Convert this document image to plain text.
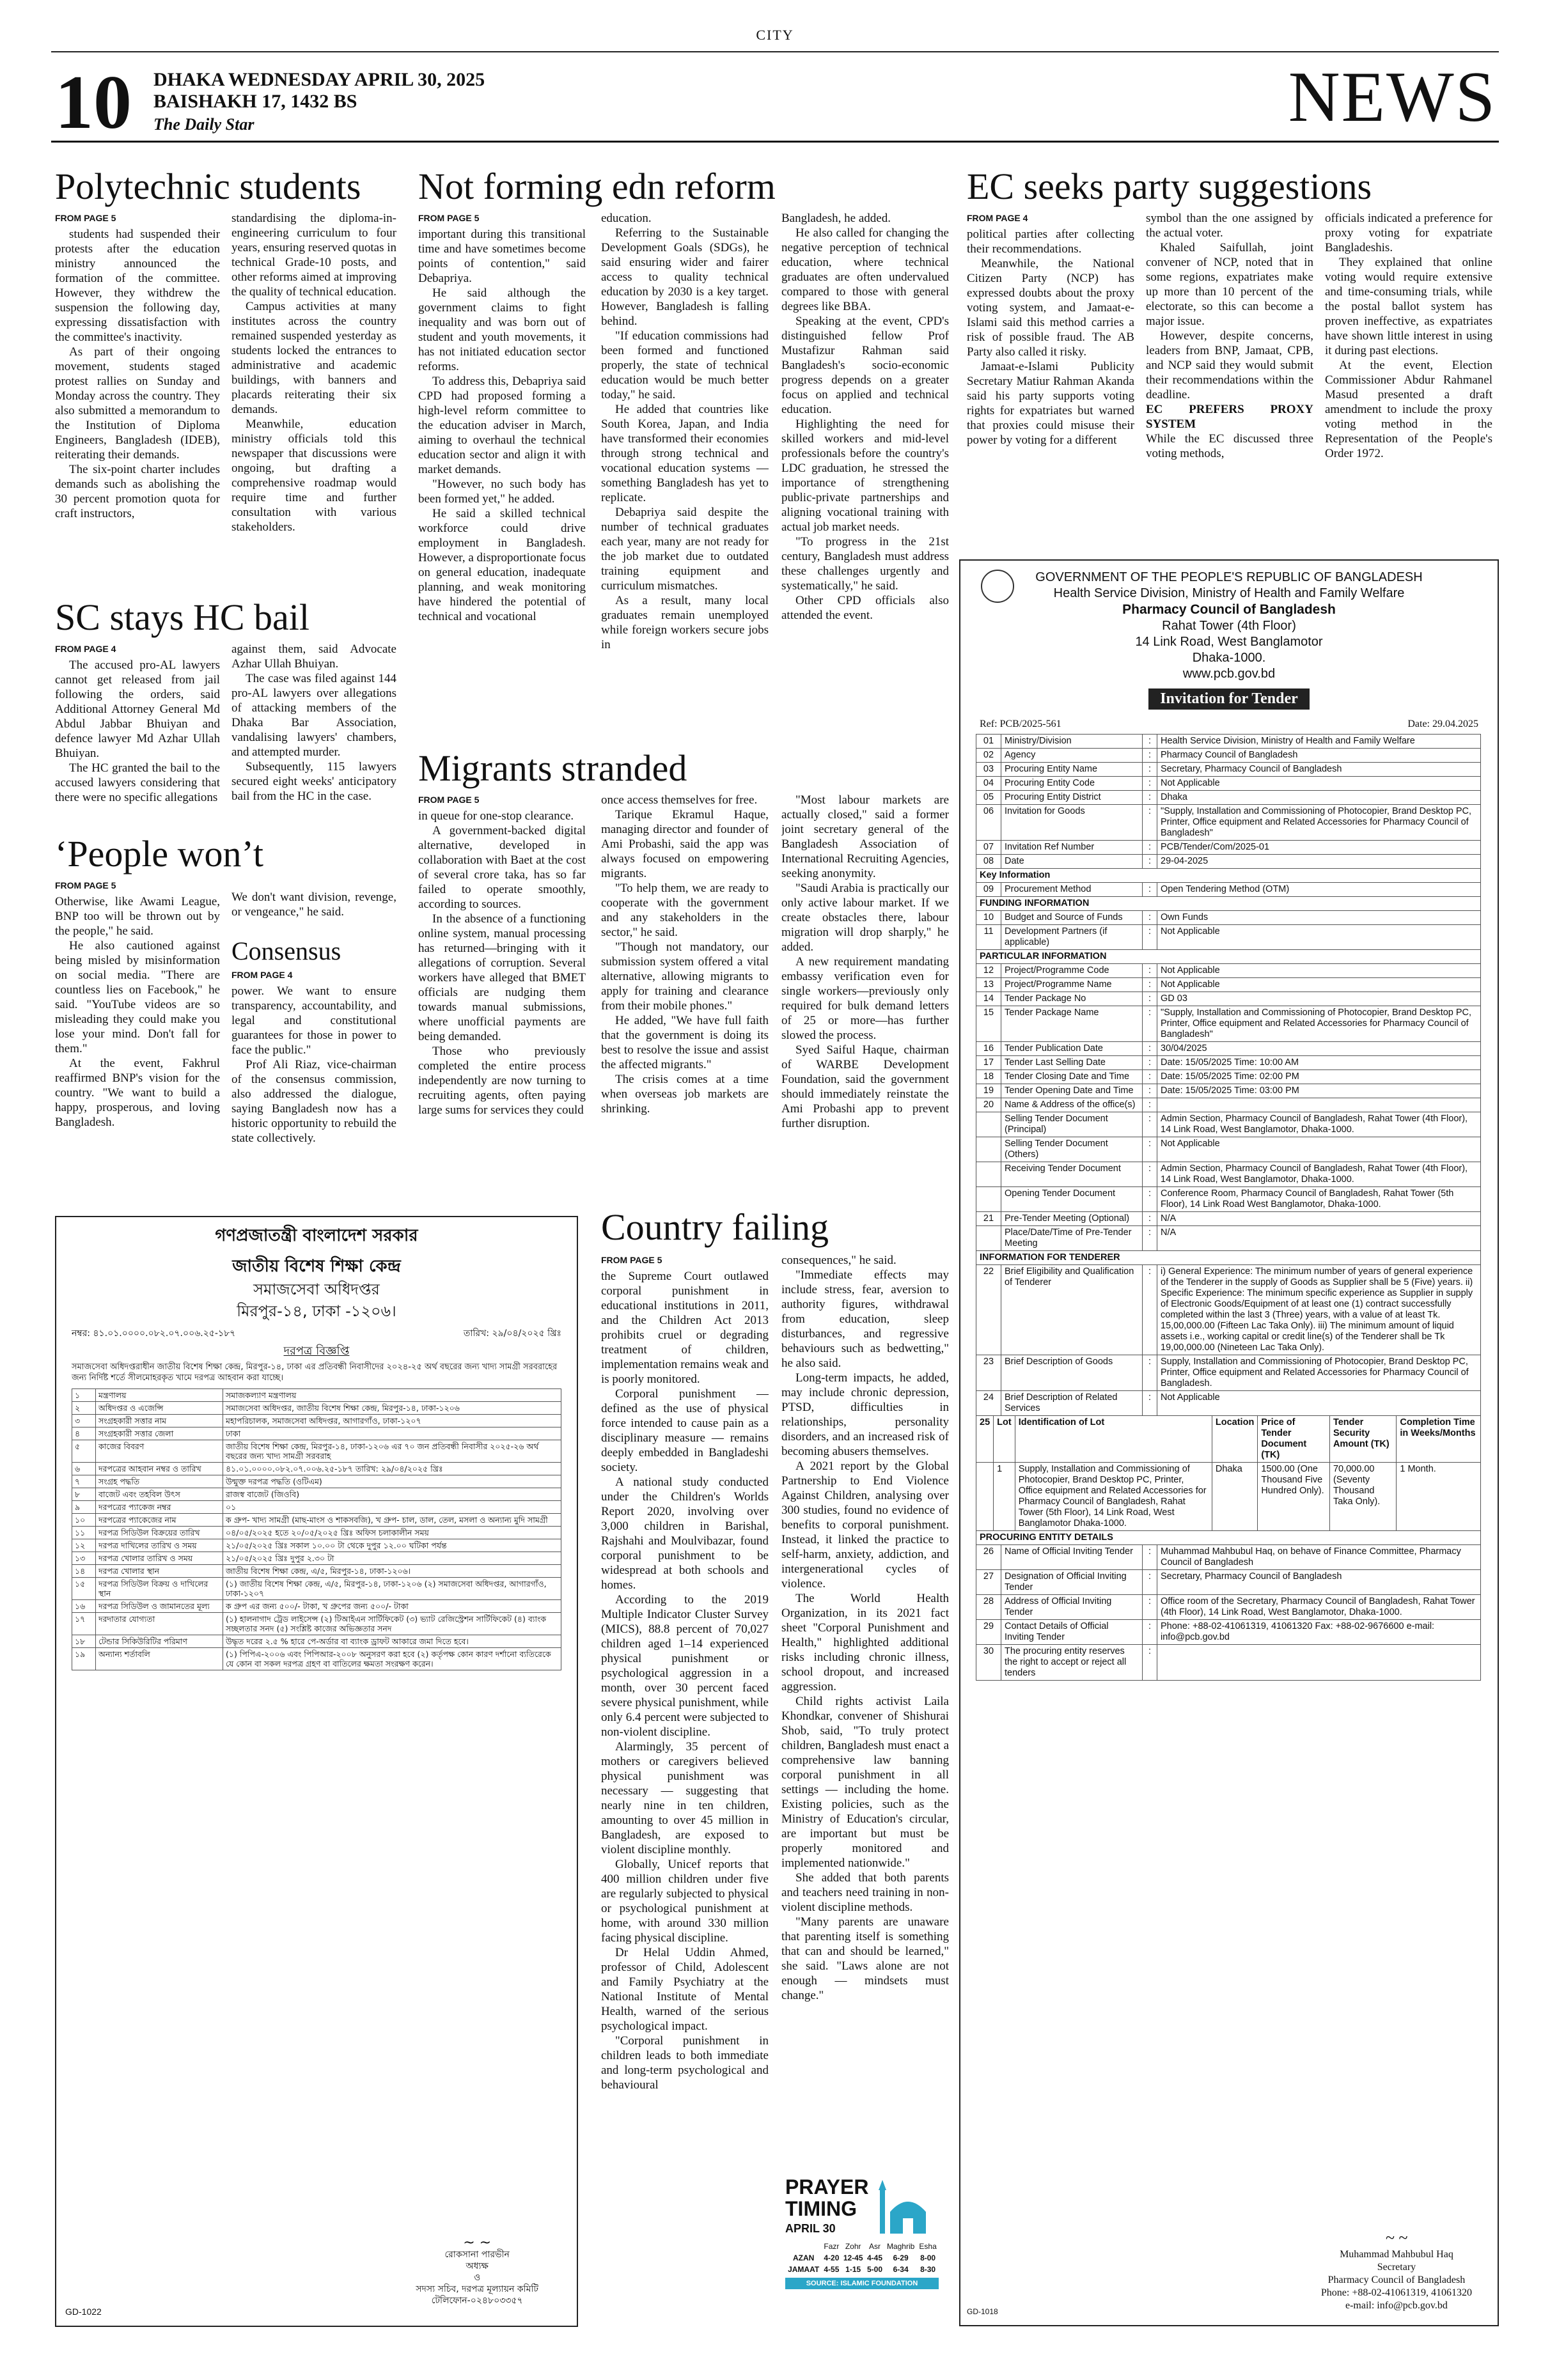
CITY
10 DHAKA WEDNESDAY APRIL 30, 2025
BAISHAKH 17, 1432 BS
The Daily Star	NEWS
Polytechnic students
FROM PAGE 5

students had suspended their protests after the education ministry announced the formation of the committee. However, they withdrew the suspension the following day, expressing dissatisfaction with the committee's inactivity.

As part of their ongoing movement, students staged protest rallies on Sunday and Monday across the country. They also submitted a memorandum to the Institution of Diploma Engineers, Bangladesh (IDEB), reiterating their demands.

The six-point charter includes demands such as abolishing the 30 percent promotion quota for craft instructors,

standardising the diploma-in-engineering curriculum to four years, ensuring reserved quotas in technical Grade-10 posts, and other reforms aimed at improving the quality of technical education.

Campus activities at many institutes across the country remained suspended yesterday as students locked the entrances to administrative and academic buildings, with banners and placards reiterating their six demands.

Meanwhile, education ministry officials told this newspaper that discussions were ongoing, but drafting a comprehensive roadmap would require time and further consultation with various stakeholders.

SC stays HC bail
FROM PAGE 4

The accused pro-AL lawyers cannot get released from jail following the orders, said Additional Attorney General Md Abdul Jabbar Bhuiyan and defence lawyer Md Azhar Ullah Bhuiyan.

The HC granted the bail to the accused lawyers considering that there were no specific allegations

against them, said Advocate Azhar Ullah Bhuiyan.

The case was filed against 144 pro-AL lawyers over allegations of attacking members of the Dhaka Bar Association, vandalising lawyers' chambers, and attempted murder.

Subsequently, 115 lawyers secured eight weeks' anticipatory bail from the HC in the case.

‘People won’t
FROM PAGE 5

Otherwise, like Awami League, BNP too will be thrown out by the people," he said.

He also cautioned against being misled by misinformation on social media. "There are countless lies on Facebook," he said. "YouTube videos are so misleading they could make you lose your mind. Don't fall for them."

At the event, Fakhrul reaffirmed BNP's vision for the country. "We want to build a happy, prosperous, and loving Bangladesh.

We don't want division, revenge, or vengeance," he said.

Consensus
FROM PAGE 4

power. We want to ensure transparency, accountability, and legal and constitutional guarantees for those in power to face the public."

Prof Ali Riaz, vice-chairman of the consensus commission, also addressed the dialogue, saying Bangladesh now has a historic opportunity to rebuild the state collectively.

Not forming edn reform
FROM PAGE 5

important during this transitional time and have sometimes become points of contention," said Debapriya.

He said although the government claims to fight inequality and was born out of student and youth movements, it has not initiated education sector reforms.

To address this, Debapriya said CPD had proposed forming a high-level reform committee to the education adviser in March, aiming to overhaul the technical education sector and align it with market demands.

"However, no such body has been formed yet," he added.

He said a skilled technical workforce could drive employment in Bangladesh. However, a disproportionate focus on general education, inadequate planning, and weak monitoring have hindered the potential of technical and vocational

education.

Referring to the Sustainable Development Goals (SDGs), he said ensuring wider and fairer access to quality technical education by 2030 is a key target. However, Bangladesh is falling behind.

"If education commissions had been formed and functioned properly, the state of technical education would be much better today," he said.

He added that countries like South Korea, Japan, and India have transformed their economies through strong technical and vocational education systems — something Bangladesh has yet to replicate.

Debapriya said despite the number of technical graduates each year, many are not ready for the job market due to outdated training equipment and curriculum mismatches.

As a result, many local graduates remain unemployed while foreign workers secure jobs in

Bangladesh, he added.

He also called for changing the negative perception of technical education, where technical graduates are often undervalued compared to those with general degrees like BBA.

Speaking at the event, CPD's distinguished fellow Prof Mustafizur Rahman said Bangladesh's socio-economic progress depends on a greater focus on applied and technical education.

Highlighting the need for skilled workers and mid-level professionals before the country's LDC graduation, he stressed the importance of strengthening public-private partnerships and aligning vocational training with actual job market needs.

"To progress in the 21st century, Bangladesh must address these challenges urgently and systematically," he said.

Other CPD officials also attended the event.

Migrants stranded
FROM PAGE 5

in queue for one-stop clearance.

A government-backed digital alternative, developed in collaboration with Baet at the cost of several crore taka, has so far failed to operate smoothly, according to sources.

In the absence of a functioning online system, manual processing has returned—bringing with it allegations of corruption. Several workers have alleged that BMET officials are nudging them towards manual submissions, where unofficial payments are being demanded.

Those who previously completed the entire process independently are now turning to recruiting agents, often paying large sums for services they could

once access themselves for free.

Tarique Ekramul Haque, managing director and founder of Ami Probashi, said the app was always focused on empowering migrants.

"To help them, we are ready to cooperate with the government and any stakeholders in the sector," he said.

"Though not mandatory, our submission system offered a vital alternative, allowing migrants to apply for training and clearance from their mobile phones."

He added, "We have full faith that the government is doing its best to resolve the issue and assist the affected migrants."

The crisis comes at a time when overseas job markets are shrinking.

"Most labour markets are actually closed," said a former joint secretary general of the Bangladesh Association of International Recruiting Agencies, seeking anonymity.

"Saudi Arabia is practically our only active labour market. If we create obstacles there, labour migration will drop sharply," he added.

A new requirement mandating embassy verification even for single workers—previously only required for bulk demand letters of 25 or more—has further slowed the process.

Syed Saiful Haque, chairman of WARBE Development Foundation, said the government should immediately reinstate the Ami Probashi app to prevent further disruption.

Country failing
FROM PAGE 5

the Supreme Court outlawed corporal punishment in educational institutions in 2011, and the Children Act 2013 prohibits cruel or degrading treatment of children, implementation remains weak and is poorly monitored.

Corporal punishment — defined as the use of physical force intended to cause pain as a disciplinary measure — remains deeply embedded in Bangladeshi society.

A national study conducted under the Children's Worlds Report 2020, involving over 3,000 children in Barishal, Rajshahi and Moulvibazar, found corporal punishment to be widespread at both schools and homes.

According to the 2019 Multiple Indicator Cluster Survey (MICS), 88.8 percent of 70,027 children aged 1–14 experienced physical punishment or psychological aggression in a month, over 30 percent faced severe physical punishment, while only 6.4 percent were subjected to non-violent discipline.

Alarmingly, 35 percent of mothers or caregivers believed physical punishment was necessary — suggesting that nearly nine in ten children, amounting to over 45 million in Bangladesh, are exposed to violent discipline monthly.

Globally, Unicef reports that 400 million children under five are regularly subjected to physical or psychological punishment at home, with around 330 million facing physical discipline.

Dr Helal Uddin Ahmed, professor of Child, Adolescent and Family Psychiatry at the National Institute of Mental Health, warned of the serious psychological impact.

"Corporal punishment in children leads to both immediate and long-term psychological and behavioural

consequences," he said.

"Immediate effects may include stress, fear, aversion to authority figures, withdrawal from education, sleep disturbances, and regressive behaviours such as bedwetting," he also said.

Long-term impacts, he added, may include chronic depression, PTSD, difficulties in relationships, personality disorders, and an increased risk of becoming abusers themselves.

A 2021 report by the Global Partnership to End Violence Against Children, analysing over 300 studies, found no evidence of benefits to corporal punishment. Instead, it linked the practice to self-harm, anxiety, addiction, and intergenerational cycles of violence.

The World Health Organization, in its 2021 fact sheet "Corporal Punishment and Health," highlighted additional risks including chronic illness, school dropout, and increased aggression.

Child rights activist Laila Khondkar, convener of Shishurai Shob, said, "To truly protect children, Bangladesh must enact a comprehensive law banning corporal punishment in all settings — including the home. Existing policies, such as the Ministry of Education's circular, are important but must be properly monitored and implemented nationwide."

She added that both parents and teachers need training in non-violent discipline methods.

"Many parents are unaware that parenting itself is something that can and should be learned," she said. "Laws alone are not enough — mindsets must change."

EC seeks party suggestions
FROM PAGE 4

political parties after collecting their recommendations.

Meanwhile, the National Citizen Party (NCP) has expressed doubts about the proxy voting system, and Jamaat-e-Islami said this method carries a risk of possible fraud. The AB Party also called it risky.

Jamaat-e-Islami Publicity Secretary Matiur Rahman Akanda said his party supports voting rights for expatriates but warned that proxies could misuse their power by voting for a different

symbol than the one assigned by the actual voter.

Khaled Saifullah, joint convener of NCP, noted that in some regions, expatriates make up more than 10 percent of the electorate, so this can become a major issue.

However, despite concerns, leaders from BNP, Jamaat, CPB, and NCP said they would submit their recommendations within the deadline.

EC PREFERS PROXY SYSTEM

While the EC discussed three voting methods,

officials indicated a preference for proxy voting for expatriate Bangladeshis.

They explained that online voting would require extensive and time-consuming trials, while the postal ballot system has proven ineffective, as expatriates have shown little interest in using it during past elections.

At the event, Election Commissioner Abdur Rahmanel Masud presented a draft amendment to include the proxy voting method in the Representation of the People's Order 1972.

GOVERNMENT OF THE PEOPLE'S REPUBLIC OF BANGLADESH
Health Service Division, Ministry of Health and Family Welfare
Pharmacy Council of Bangladesh
Rahat Tower (4th Floor)
14 Link Road, West Banglamotor
Dhaka-1000.
www.pcb.gov.bd
Invitation for Tender
Ref: PCB/2025-561	Date: 29.04.2025
01	Ministry/Division	:	Health Service Division, Ministry of Health and Family Welfare
02	Agency	:	Pharmacy Council of Bangladesh
03	Procuring Entity Name	:	Secretary, Pharmacy Council of Bangladesh
04	Procuring Entity Code	:	Not Applicable
05	Procuring Entity District	:	Dhaka
06	Invitation for Goods	:	"Supply, Installation and Commissioning of Photocopier, Brand Desktop PC, Printer, Office equipment and Related Accessories for Pharmacy Council of Bangladesh"
07	Invitation Ref Number	:	PCB/Tender/Com/2025-01
08	Date	:	29-04-2025
Key Information			
09	Procurement Method	:	Open Tendering Method (OTM)
FUNDING INFORMATION			
10	Budget and Source of Funds	:	Own Funds
11	Development Partners (if applicable)	:	Not Applicable
PARTICULAR INFORMATION			
12	Project/Programme Code	:	Not Applicable
13	Project/Programme Name	:	Not Applicable
14	Tender Package No	:	GD 03
15	Tender Package Name	:	"Supply, Installation and Commissioning of Photocopier, Brand Desktop PC, Printer, Office equipment and Related Accessories for Pharmacy Council of Bangladesh"
16	Tender Publication Date	:	30/04/2025
17	Tender Last Selling Date	:	Date: 15/05/2025 Time: 10:00 AM
18	Tender Closing Date and Time	:	Date: 15/05/2025 Time: 02:00 PM
19	Tender Opening Date and Time	:	Date: 15/05/2025 Time: 03:00 PM
20	Name & Address of the office(s)	:	
	Selling Tender Document (Principal)	:	Admin Section, Pharmacy Council of Bangladesh, Rahat Tower (4th Floor), 14 Link Road, West Banglamotor, Dhaka-1000.
	Selling Tender Document (Others)	:	Not Applicable
	Receiving Tender Document	:	Admin Section, Pharmacy Council of Bangladesh, Rahat Tower (4th Floor), 14 Link Road, West Banglamotor, Dhaka-1000.
	Opening Tender Document	:	Conference Room, Pharmacy Council of Bangladesh, Rahat Tower (5th Floor), 14 Link Road West Banglamotor, Dhaka-1000.
21	Pre-Tender Meeting (Optional)	:	N/A
	Place/Date/Time of Pre-Tender Meeting	:	N/A
INFORMATION FOR TENDERER			
22	Brief Eligibility and Qualification of Tenderer	:	i) General Experience: The minimum number of years of general experience of the Tenderer in the supply of Goods as Supplier shall be 5 (Five) years. ii) Specific Experience: The minimum specific experience as Supplier in supply of Electronic Goods/Equipment of at least one (1) contract successfully completed within the last 3 (Three) years, with a value of at least Tk. 15,00,000.00 (Fifteen Lac Taka Only). iii) The minimum amount of liquid assets i.e., working capital or credit line(s) of the Tenderer shall be Tk 19,00,000.00 (Nineteen Lac Taka Only).
23	Brief Description of Goods	:	Supply, Installation and Commissioning of Photocopier, Brand Desktop PC, Printer, Office equipment and Related Accessories for Pharmacy Council of Bangladesh.
24	Brief Description of Related Services	:	Not Applicable
25	Lot	Identification of Lot	Location	Price of Tender Document (TK)	Tender Security Amount (TK)	Completion Time in Weeks/Months
	1	Supply, Installation and Commissioning of Photocopier, Brand Desktop PC, Printer, Office equipment and Related Accessories for Pharmacy Council of Bangladesh, Rahat Tower (5th Floor), 14 Link Road, West Banglamotor Dhaka-1000.	Dhaka	1500.00 (One Thousand Five Hundred Only).	70,000.00 (Seventy Thousand Taka Only).	1 Month.
PROCURING ENTITY DETAILS			
26	Name of Official Inviting Tender	:	Muhammad Mahbubul Haq, on behave of Finance Committee, Pharmacy Council of Bangladesh
27	Designation of Official Inviting Tender	:	Secretary, Pharmacy Council of Bangladesh
28	Address of Official Inviting Tender	:	Office room of the Secretary, Pharmacy Council of Bangladesh, Rahat Tower (4th Floor), 14 Link Road, West Banglamotor, Dhaka-1000.
29	Contact Details of Official Inviting Tender	:	Phone: +88-02-41061319, 41061320 Fax: +88-02-9676600 e-mail: info@pcb.gov.bd
30	The procuring entity reserves the right to accept or reject all tenders	:	
~ ~
Muhammad Mahbubul Haq
Secretary
Pharmacy Council of Bangladesh
Phone: +88-02-41061319, 41061320
e-mail: info@pcb.gov.bd
GD-1018
গণপ্রজাতন্ত্রী বাংলাদেশ সরকার
জাতীয় বিশেষ শিক্ষা কেন্দ্র
সমাজসেবা অধিদপ্তর
মিরপুর-১৪, ঢাকা -১২০৬।
নম্বর: ৪১.০১.০০০০.০৮২.০৭.০০৬.২৫-১৮৭	তারিখ: ২৯/০৪/২০২৫ খ্রিঃ
দরপত্র বিজ্ঞপ্তি
সমাজসেবা অধিদপ্তরাধীন জাতীয় বিশেষ শিক্ষা কেন্দ্র, মিরপুর-১৪, ঢাকা এর প্রতিবন্ধী নিবাসীদের ২০২৪-২৫ অর্থ বছরের জন্য খাদ্য সামগ্রী সরবরাহের জন্য নির্দিষ্ট শর্তে সীলমোহরকৃত খামে দরপত্র আহবান করা যাচ্ছে।
১	মন্ত্রণালয়	সমাজকল্যাণ মন্ত্রণালয়
২	অধিদপ্তর ও এজেন্সি	সমাজসেবা অধিদপ্তর, জাতীয় বিশেষ শিক্ষা কেন্দ্র, মিরপুর-১৪, ঢাকা-১২০৬
৩	সংগ্রহকারী সত্তার নাম	মহাপরিচালক, সমাজসেবা অধিদপ্তর, আগারগাঁও, ঢাকা-১২০৭
৪	সংগ্রহকারী সত্তার জেলা	ঢাকা
৫	কাজের বিবরণ	জাতীয় বিশেষ শিক্ষা কেন্দ্র, মিরপুর-১৪, ঢাকা-১২০৬ এর ৭০ জন প্রতিবন্ধী নিবাসীর ২০২৫-২৬ অর্থ বছরের জন্য খাদ্য সামগ্রী সরবরাহ
৬	দরপত্রের আহবান নম্বর ও তারিখ	৪১.০১.০০০০.০৮২.০৭.০০৬.২৫-১৮৭ তারিখ: ২৯/০৪/২০২৫ খ্রিঃ
৭	সংগ্রহ পদ্ধতি	উন্মুক্ত দরপত্র পদ্ধতি (ওটিএম)
৮	বাজেট এবং তহবিল উৎস	রাজস্ব বাজেট (জিওবি)
৯	দরপত্রের প্যাকেজ নম্বর	০১
১০	দরপত্রের প্যাকেজের নাম	ক গ্রুপ- খাদ্য সামগ্রী (মাছ-মাংস ও শাকসবজি), খ গ্রুপ- চাল, ডাল, তেল, মসলা ও অন্যান্য মুদি সামগ্রী
১১	দরপত্র সিডিউল বিক্রয়ের তারিখ	০৪/০৫/২০২৫ হতে ২০/০৫/২০২৫ খ্রিঃ অফিস চলাকালীন সময়
১২	দরপত্র দাখিলের তারিখ ও সময়	২১/০৫/২০২৫ খ্রিঃ সকাল ১০.০০ টা থেকে দুপুর ১২.০০ ঘটিকা পর্যন্ত
১৩	দরপত্র খোলার তারিখ ও সময়	২১/০৫/২০২৫ খ্রিঃ দুপুর ২.৩০ টা
১৪	দরপত্র খোলার স্থান	জাতীয় বিশেষ শিক্ষা কেন্দ্র, এ/৫, মিরপুর-১৪, ঢাকা-১২০৬।
১৫	দরপত্র সিডিউল বিক্রয় ও দাখিলের স্থান	(১) জাতীয় বিশেষ শিক্ষা কেন্দ্র, এ/৫, মিরপুর-১৪, ঢাকা-১২০৬ (২) সমাজসেবা অধিদপ্তর, আগারগাঁও, ঢাকা-১২০৭
১৬	দরপত্র সিডিউল ও জামানতের মূল্য	ক গ্রুপ এর জন্য ৫০০/- টাকা, খ গ্রুপের জন্য ৫০০/- টাকা
১৭	দরদাতার যোগ্যতা	(১) হালনাগাদ ট্রেড লাইসেন্স (২) টিআইএন সার্টিফিকেট (৩) ভ্যাট রেজিস্ট্রেশন সার্টিফিকেট (৪) ব্যাংক সচ্ছলতার সনদ (৫) সংশ্লিষ্ট কাজের অভিজ্ঞতার সনদ
১৮	টেন্ডার সিকিউরিটির পরিমাণ	উদ্ধৃত দরের ২.৫ % হারে পে-অর্ডার বা ব্যাংক ড্রাফট আকারে জমা দিতে হবে।
১৯	অন্যান্য শর্তাবলি	(১) পিপিএ-২০০৬ এবং পিপিআর-২০০৮ অনুসরণ করা হবে (২) কর্তৃপক্ষ কোন কারণ দর্শানো ব্যতিরেকে যে কোন বা সকল দরপত্র গ্রহণ বা বাতিলের ক্ষমতা সংরক্ষণ করেন।
~ ~
রোকসানা পারভীন
অধ্যক্ষ
ও
সদস্য সচিব, দরপত্র মূল্যায়ন কমিটি
টেলিফোন-০২৪৮০৩৩৫৭
GD-1022
PRAYER
TIMING
APRIL 30
	Fazr	Zohr	Asr	Maghrib	Esha
AZAN	4-20	12-45	4-45	6-29	8-00
JAMAAT	4-55	1-15	5-00	6-34	8-30
SOURCE: ISLAMIC FOUNDATION
